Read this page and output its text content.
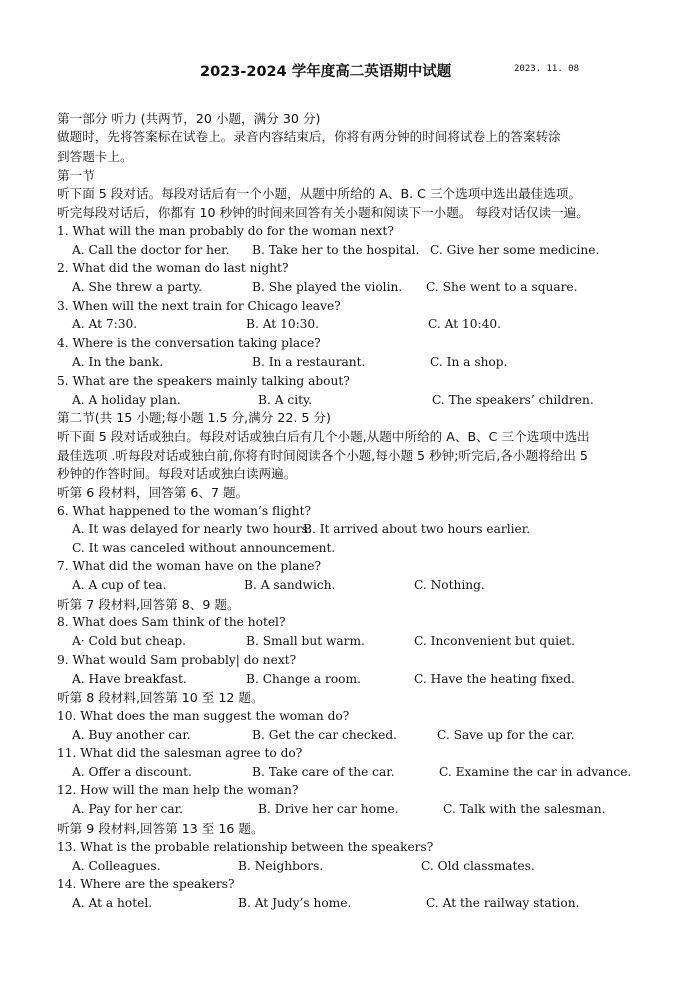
2023-2024 学年度高二英语期中试题	2023. 11. 08
第一部分 听力 (共两节，20 小题，满分 30 分)
做题时，先将答案标在试卷上。录音内容结束后，你将有两分钟的时间将试卷上的答案转涂
到答题卡上。
第一节
听下面 5 段对话。每段对话后有一个小题，从题中所给的 A、B. C 三个选项中选出最佳选项。
听完每段对话后，你都有 10 秒钟的时间来回答有关小题和阅读下一小题。 每段对话仅读一遍。
1. What will the man probably do for the woman next?
A. Call the doctor for her. B. Take her to the hospital. C. Give her some medicine.
2. What did the woman do last night?
A. She threw a party.	B. She played the violin. C. She went to a square.
3. When will the next train for Chicago leave?
A. At 7:30.	B. At 10:30.	C. At 10:40.
4. Where is the conversation taking place?
A. In the bank.	B. In a restaurant.	C. In a shop.
5. What are the speakers mainly talking about?
A. A holiday plan.	B. A city.	C. The speakers’ children.
第二节(共 15 小题;每小题 1.5 分,满分 22. 5 分)
听下面 5 段对话或独白。每段对话或独白后有几个小题,从题中所给的 A、B、C 三个选项中选出
最佳选项 .听每段对话或独白前,你将有时间阅读各个小题,每小题 5 秒钟;听完后,各小题将给出 5
秒钟的作答时间。每段对话或独白读两遍。
听第 6 段材料，回答第 6、7 题。
6. What happened to the woman’s flight?
A. It was delayed for nearly two hours.
B. It arrived about two hours earlier.
C. It was canceled without announcement.
7. What did the woman have on the plane?
A. A cup of tea.	B. A sandwich.	C. Nothing.
听第 7 段材料,回答第 8、9 题。
8. What does Sam think of the hotel?
A· Cold but cheap.	B. Small but warm.	C. Inconvenient but quiet.
9. What would Sam probably| do next?
A. Have breakfast.	B. Change a room.	C. Have the heating fixed.
听第 8 段材料,回答第 10 至 12 题。
10. What does the man suggest the woman do?
A. Buy another car.	B. Get the car checked.	C. Save up for the car.
11. What did the salesman agree to do?
A. Offer a discount.	B. Take care of the car.	C. Examine the car in advance.
12. How will the man help the woman?
A. Pay for her car.	B. Drive her car home.	C. Talk with the salesman.
听第 9 段材料,回答第 13 至 16 题。
13. What is the probable relationship between the speakers?
A. Colleagues.	B. Neighbors.	C. Old classmates.
14. Where are the speakers?
A. At a hotel.	B. At Judy’s home.	C. At the railway station.
